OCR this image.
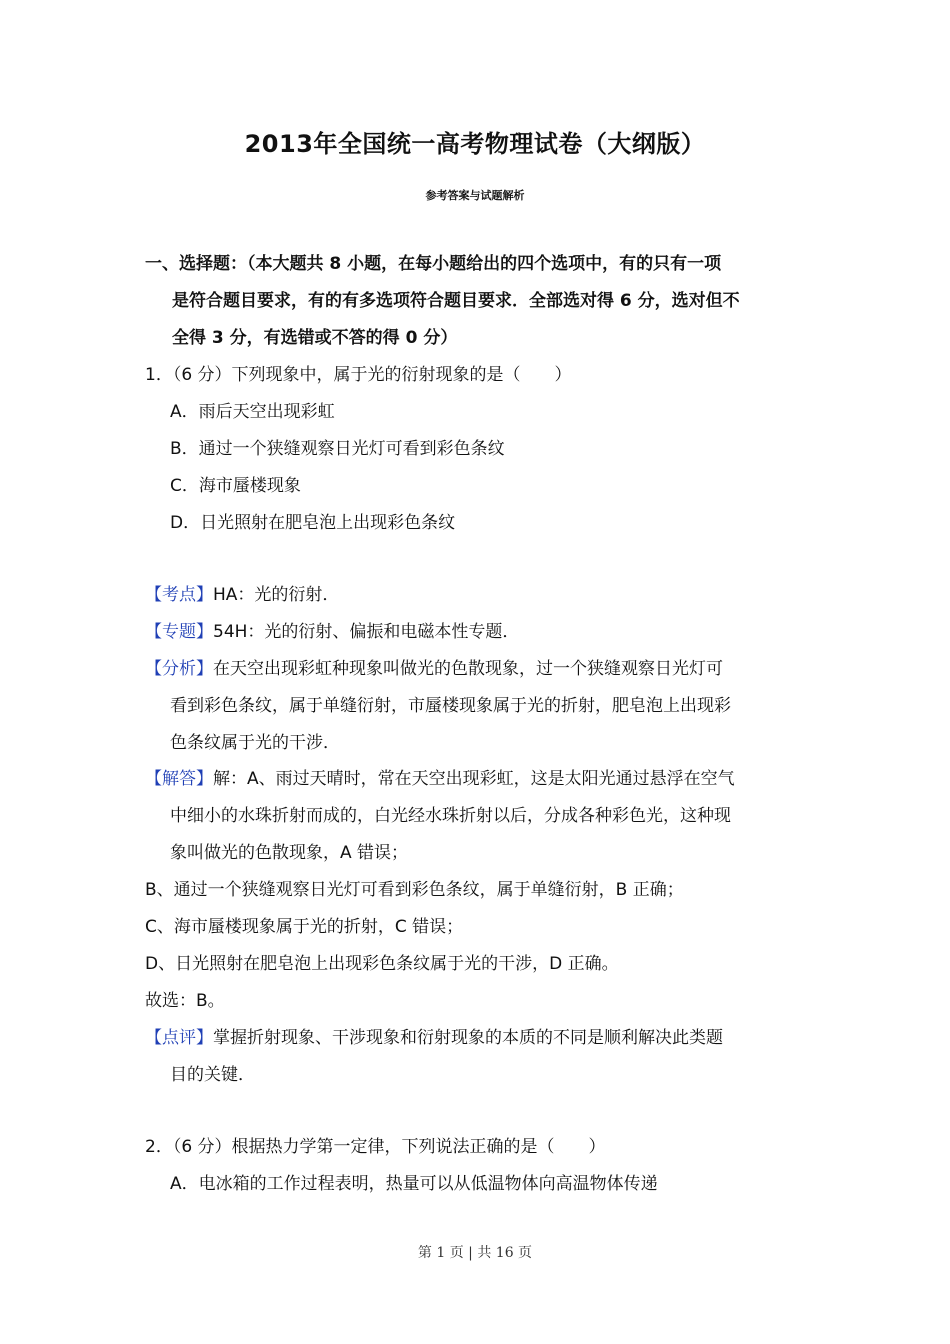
2013年全国统一高考物理试卷（大纲版）
参考答案与试题解析
一、选择题：（本大题共 8 小题，在每小题给出的四个选项中，有的只有一项
是符合题目要求，有的有多选项符合题目要求．全部选对得 6 分，选对但不
全得 3 分，有选错或不答的得 0 分）
1．（6 分）下列现象中，属于光的衍射现象的是（　　）
A．雨后天空出现彩虹
B．通过一个狭缝观察日光灯可看到彩色条纹
C．海市蜃楼现象
D．日光照射在肥皂泡上出现彩色条纹
【考点】HA：光的衍射．
【专题】54H：光的衍射、偏振和电磁本性专题．
【分析】在天空出现彩虹种现象叫做光的色散现象，过一个狭缝观察日光灯可
看到彩色条纹，属于单缝衍射，市蜃楼现象属于光的折射，肥皂泡上出现彩
色条纹属于光的干涉．
【解答】解：A、雨过天晴时，常在天空出现彩虹，这是太阳光通过悬浮在空气
中细小的水珠折射而成的，白光经水珠折射以后，分成各种彩色光，这种现
象叫做光的色散现象，A 错误；
B、通过一个狭缝观察日光灯可看到彩色条纹，属于单缝衍射，B 正确；
C、海市蜃楼现象属于光的折射，C 错误；
D、日光照射在肥皂泡上出现彩色条纹属于光的干涉，D 正确。
故选：B。
【点评】掌握折射现象、干涉现象和衍射现象的本质的不同是顺利解决此类题
目的关键．
2．（6 分）根据热力学第一定律，下列说法正确的是（　　）
A．电冰箱的工作过程表明，热量可以从低温物体向高温物体传递
第 1 页 | 共 16 页
